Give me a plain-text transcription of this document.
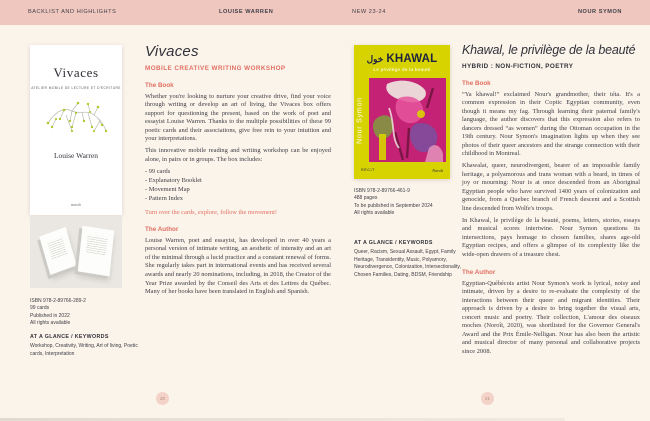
BACKLIST AND HIGHLIGHTS	LOUISE WARREN	NEW 23-24	NOUR SYMON
Vivaces
ATELIER MOBILE DE LECTURE ET D'ÉCRITURE
Louise Warren
noroît
Vivaces
MOBILE CREATIVE WRITING WORKSHOP
The Book

Whether you're looking to nurture your creative drive, find your voice through writing or develop an art of living, the Vivaces box offers support for questioning the present, based on the work of poet and essayist Louise Warren. Thanks to the multiple possibilities of these 99 poetic cards and their associations, give free rein to your intuition and your interpretations.

This innovative mobile reading and writing workshop can be enjoyed alone, in pairs or in groups. The box includes:

- 99 cards
- Explanatory Booklet
- Movement Map
- Pattern Index
Turn over the cards, explore, follow the movement!
The Author

Louise Warren, poet and essayist, has developed in over 40 years a personal version of intimate writing, an aesthetic of intensity and an art of the minimal through a lucid practice and a constant renewal of forms. She regularly takes part in international events and has received several awards and nearly 20 nominations, including, in 2018, the Creator of the Year Prize awarded by the Conseil des Arts et des Lettres du Québec. Many of her books have been translated in English and Spanish.

ISBN 978-2-89766-289-2
99 cards
Published in 2022
All rights available
AT A GLANCE / KEYWORDS
Workshop, Creativity, Writing, Art of living, Poetic cards, Interpretation
خول KHAWAL
Le privilège de la beauté
Nour Symon
RÉCIT	Noroît
ISBN 978-2-89766-461-9
488 pages
To be published in September 2024
All rights available
AT A GLANCE / KEYWORDS
Queer, Racism, Sexual Assault, Egypt, Family Heritage, Transidentity, Music, Polyamory, Neurodivergence, Colonization, Intersectionality, Chosen Families, Dating, BDSM, Friendship
Khawal, le privilège de la beauté
HYBRID : NON-FICTION, POETRY
The Book

“Ya khawal!” exclaimed Nour's grandmother, their téta. It's a common expression in their Coptic Egyptian community, even though it means my fag. Through learning their paternal family's language, the author discovers that this expression also refers to dancers dressed “as women” during the Ottoman occupation in the 19th century. Nour Symon's imagination lights up when they see photos of their queer ancestors and the strange connection with their childhood in Montreal.

Khawalat, queer, neurodivergent, bearer of an impossible family heritage, a polyamorous and trans woman with a beard, in times of joy or mourning: Nour is at once descended from an Aboriginal Egyptian people who have survived 1400 years of colonization and genocide, from a Quebec branch of French descent and a Scottish line descended from Wolfe's troops.

In Khawal, le privilège de la beauté, poems, letters, stories, essays and musical scores intertwine. Nour Symon questions its intersections, pays homage to chosen families, shares age-old Egyptian recipes, and offers a glimpse of its complexity like the wide-open drawers of a treasure chest.

The Author

Egyptian-Québécois artist Nour Symon's work is lyrical, noisy and intimate, driven by a desire to re-evaluate the complexity of the interactions between their queer and migrant identities. Their approach is driven by a desire to bring together the visual arts, concert music and poetry. Their collection, L'amour des oiseaux moches (Noroît, 2020), was shortlisted for the Governor General's Award and the Prix Émile-Nelligan. Nour has also been the artistic and musical director of many personal and collaborative projects since 2008.

20	21
